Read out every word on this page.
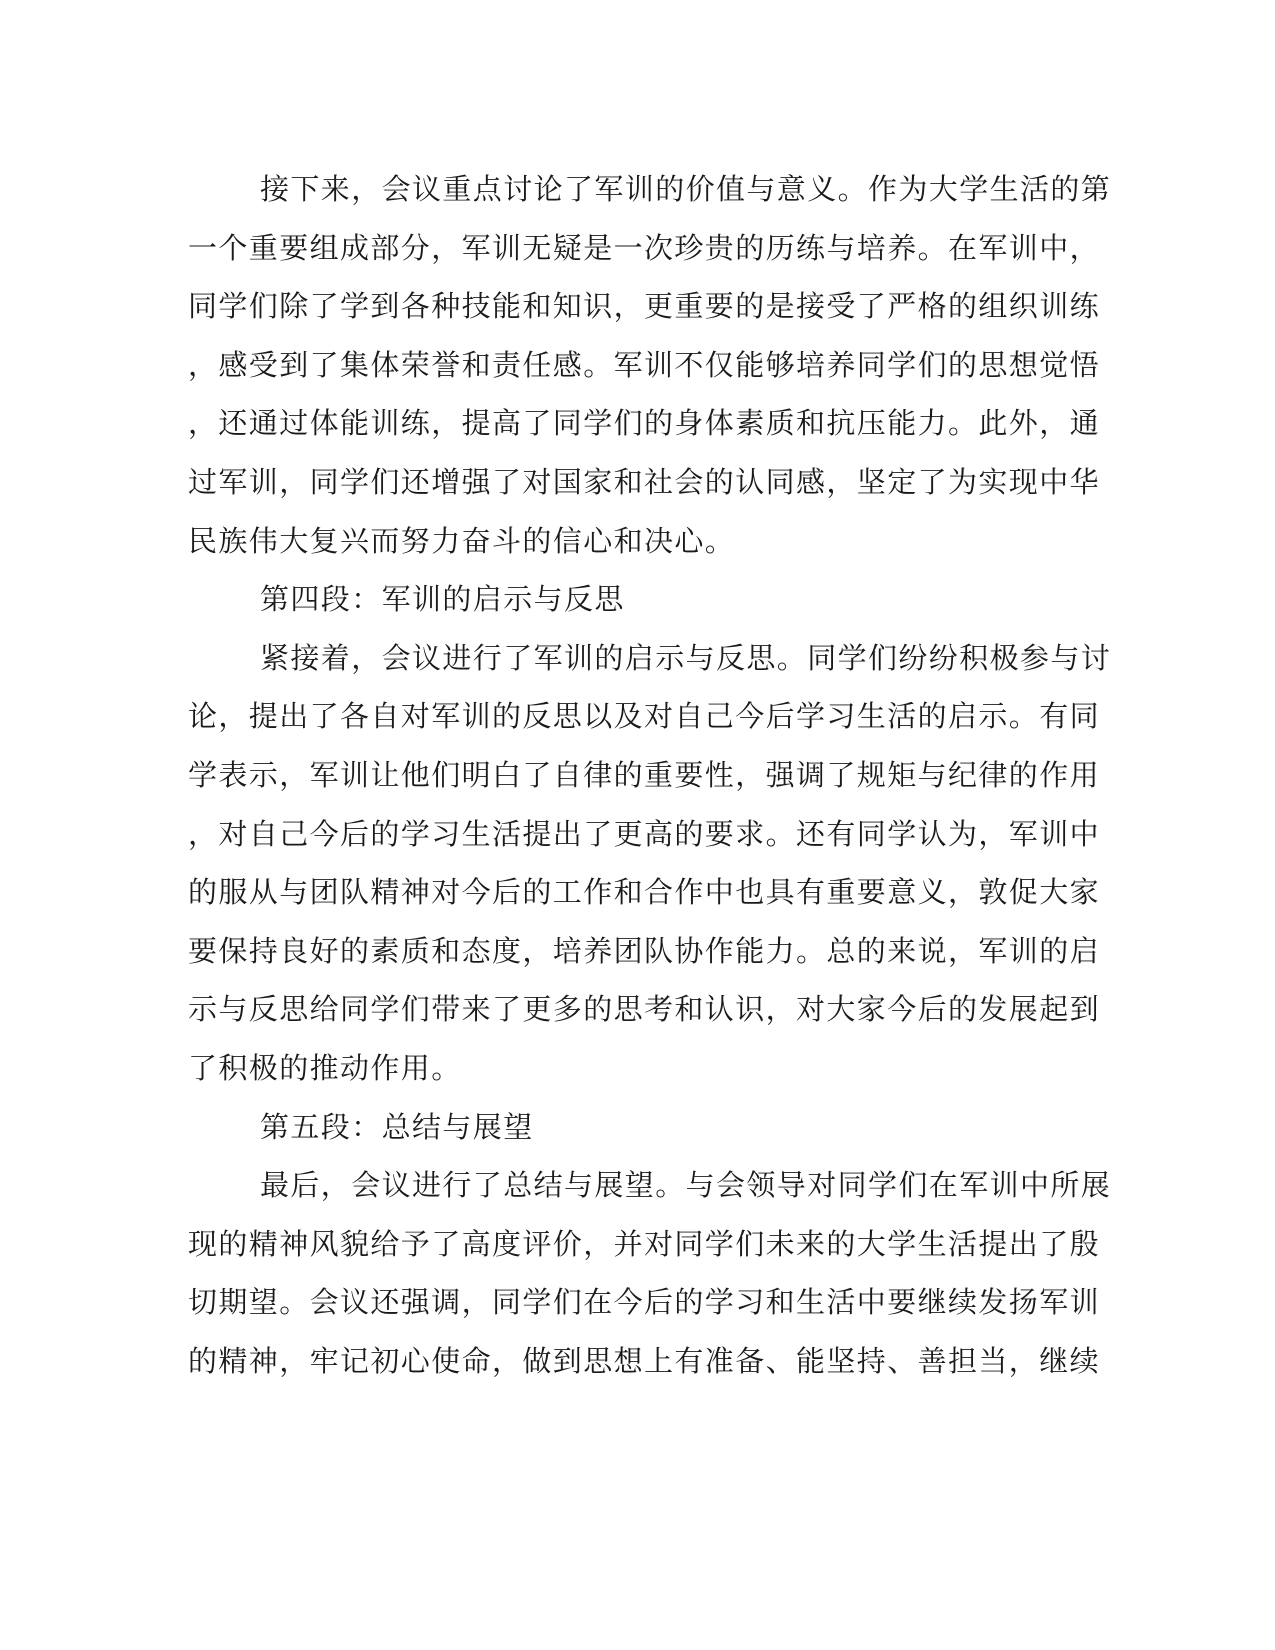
接下来，会议重点讨论了军训的价值与意义。作为大学生活的第
一个重要组成部分，军训无疑是一次珍贵的历练与培养。在军训中，
同学们除了学到各种技能和知识，更重要的是接受了严格的组织训练
，感受到了集体荣誉和责任感。军训不仅能够培养同学们的思想觉悟
，还通过体能训练，提高了同学们的身体素质和抗压能力。此外，通
过军训，同学们还增强了对国家和社会的认同感，坚定了为实现中华
民族伟大复兴而努力奋斗的信心和决心。
第四段：军训的启示与反思
紧接着，会议进行了军训的启示与反思。同学们纷纷积极参与讨
论，提出了各自对军训的反思以及对自己今后学习生活的启示。有同
学表示，军训让他们明白了自律的重要性，强调了规矩与纪律的作用
，对自己今后的学习生活提出了更高的要求。还有同学认为，军训中
的服从与团队精神对今后的工作和合作中也具有重要意义，敦促大家
要保持良好的素质和态度，培养团队协作能力。总的来说，军训的启
示与反思给同学们带来了更多的思考和认识，对大家今后的发展起到
了积极的推动作用。
第五段：总结与展望
最后，会议进行了总结与展望。与会领导对同学们在军训中所展
现的精神风貌给予了高度评价，并对同学们未来的大学生活提出了殷
切期望。会议还强调，同学们在今后的学习和生活中要继续发扬军训
的精神，牢记初心使命，做到思想上有准备、能坚持、善担当，继续
